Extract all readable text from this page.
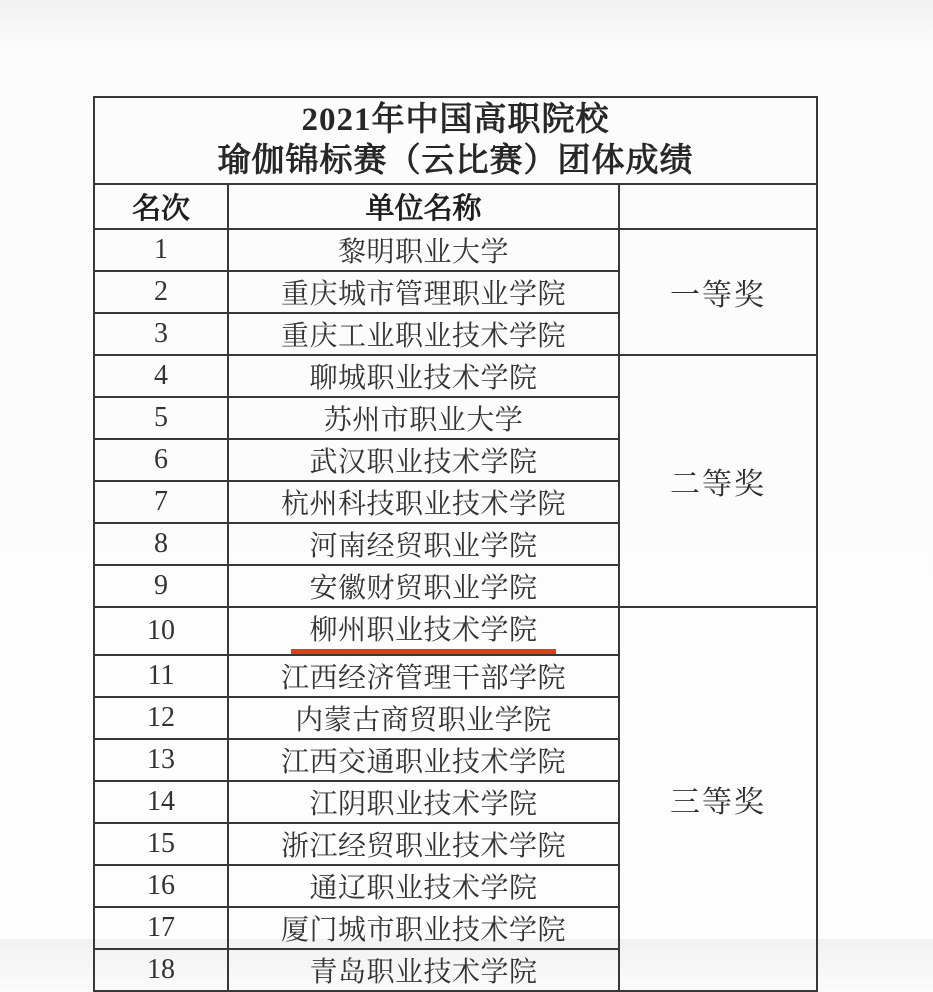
2021年中国高职院校
瑜伽锦标赛（云比赛）团体成绩		

名次	单位名称	
1	黎明职业大学	一等奖
2	重庆城市管理职业学院	
3	重庆工业职业技术学院	
4	聊城职业技术学院	二等奖
5	苏州市职业大学	
6	武汉职业技术学院	
7	杭州科技职业技术学院	
8	河南经贸职业学院	
9	安徽财贸职业学院	
10	柳州职业技术学院	三等奖
11	江西经济管理干部学院	
12	内蒙古商贸职业学院	
13	江西交通职业技术学院	
14	江阴职业技术学院	
15	浙江经贸职业技术学院	
16	通辽职业技术学院	
17	厦门城市职业技术学院	
18	青岛职业技术学院	
